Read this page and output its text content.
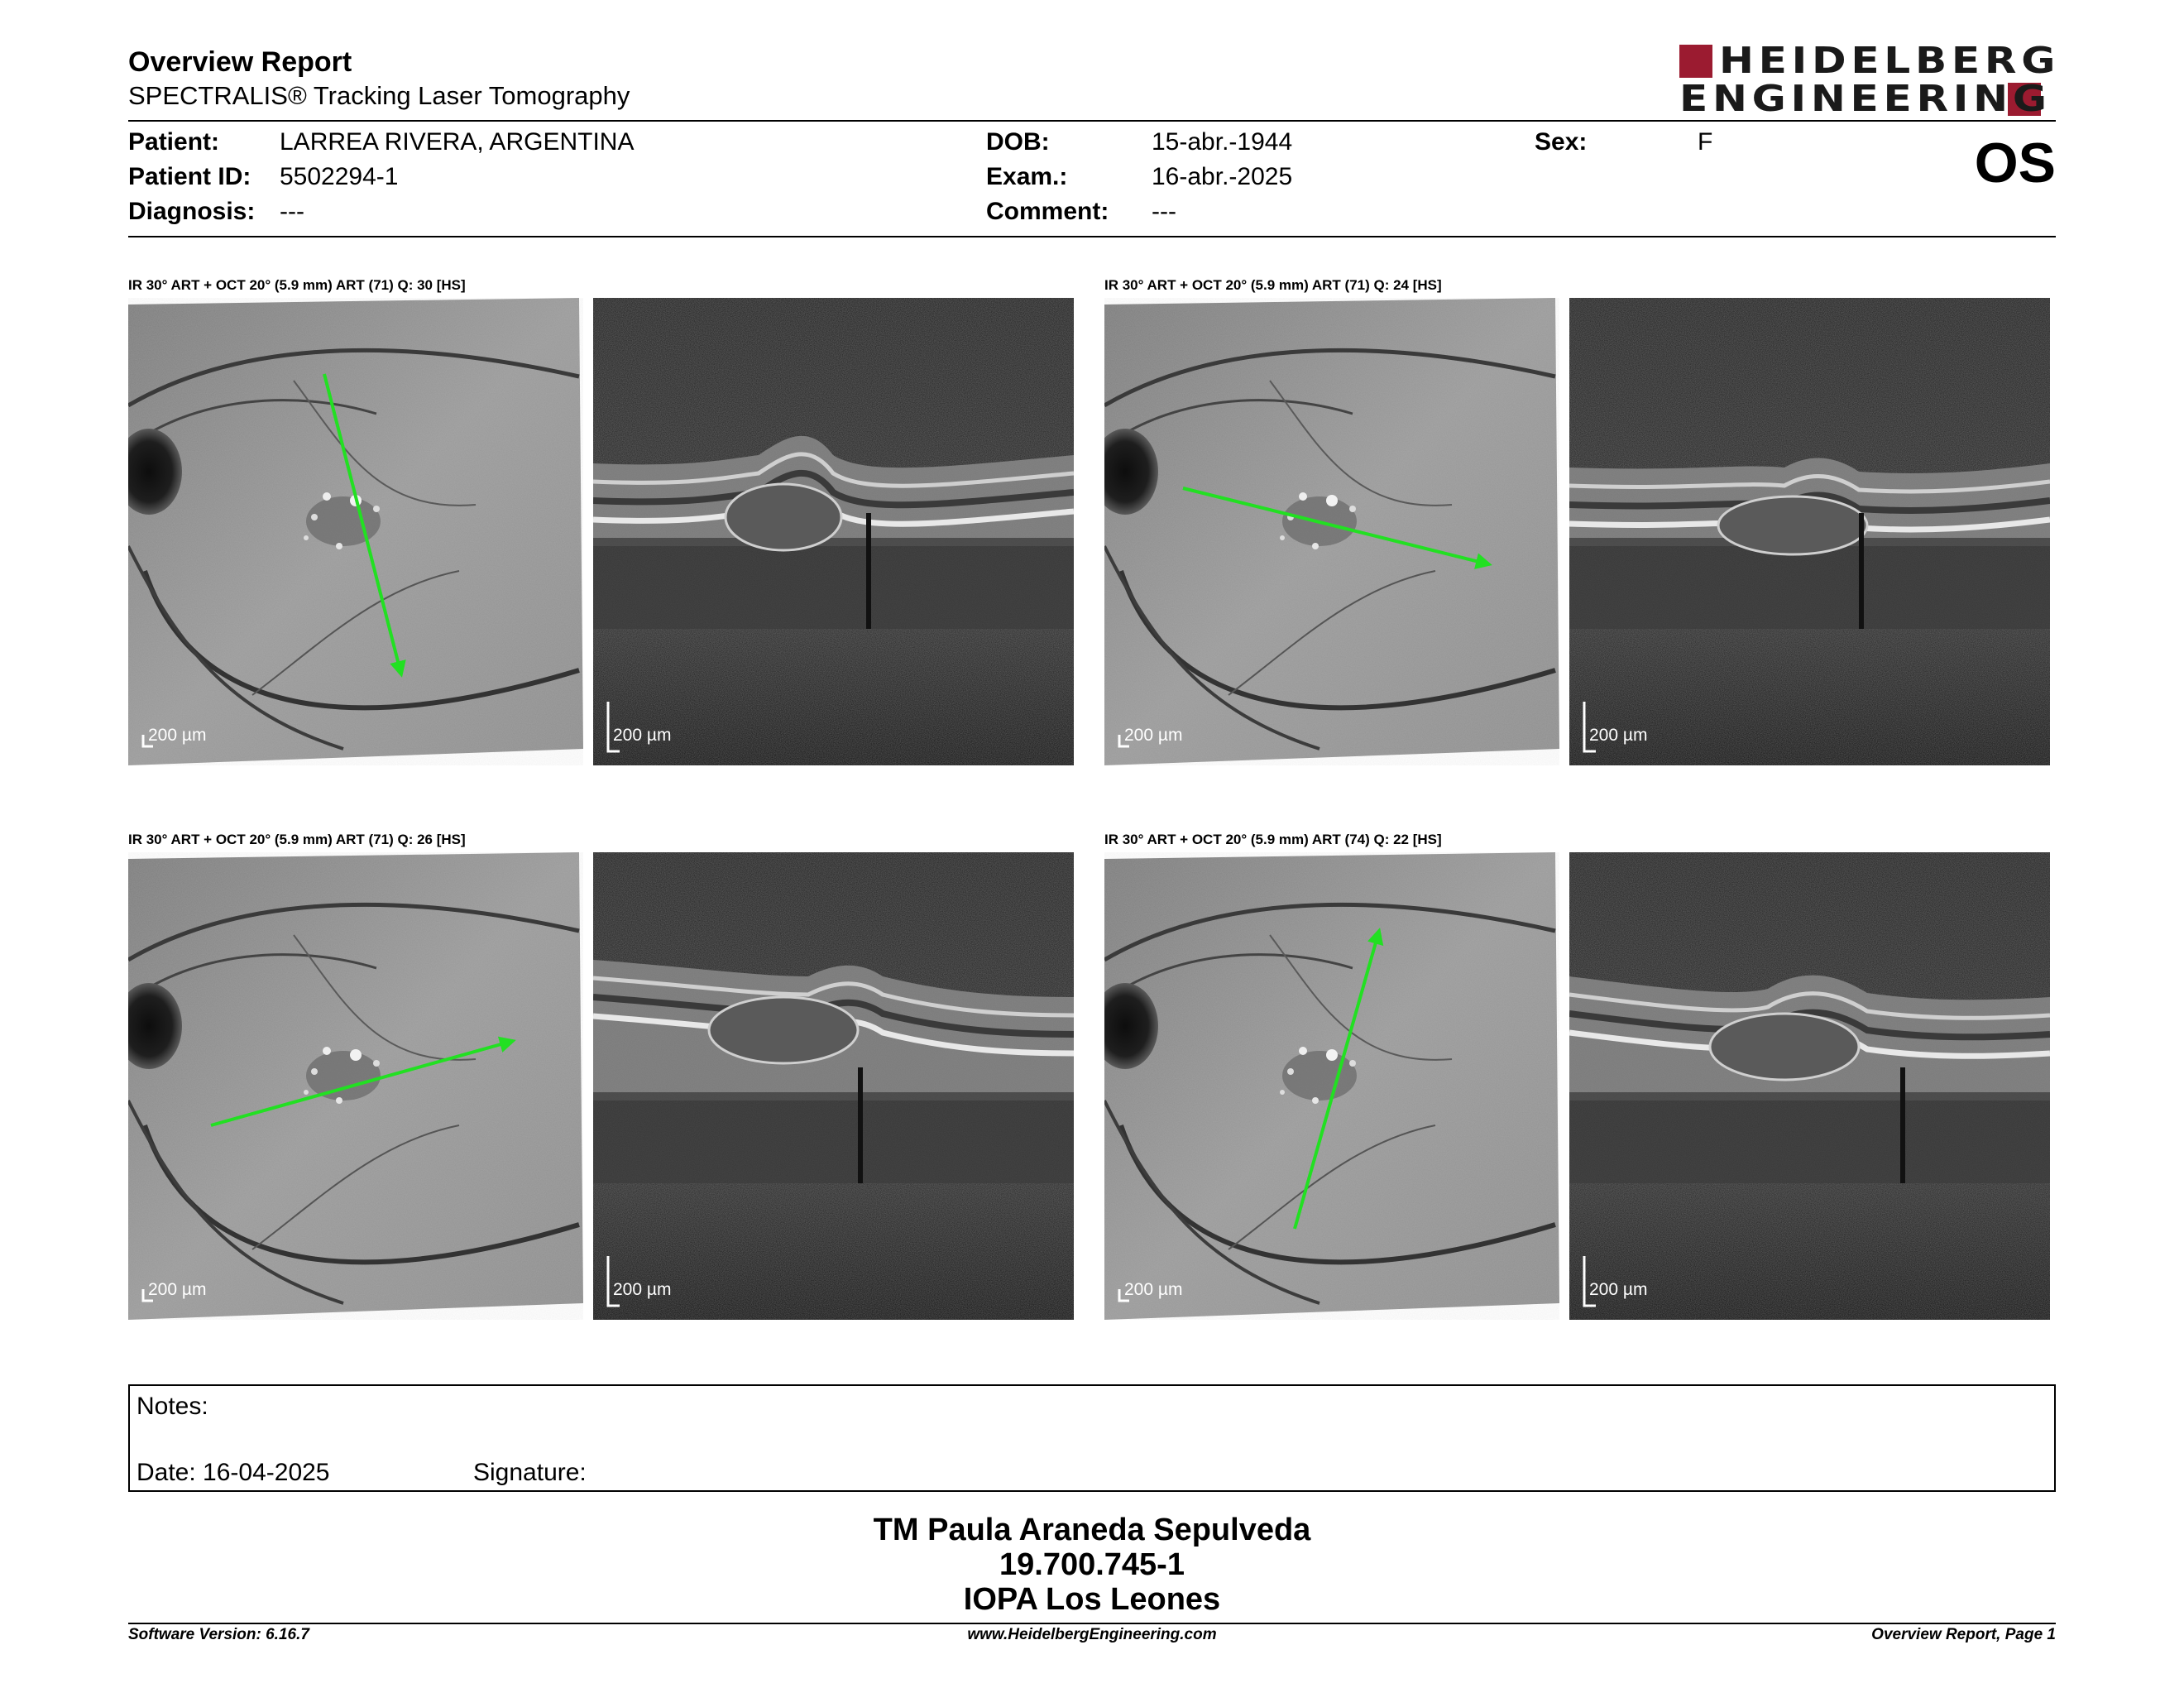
Overview Report
SPECTRALIS® Tracking Laser Tomography
HEIDELBERG
ENGINEERING
Patient: LARREA RIVERA, ARGENTINA
Patient ID: 5502294-1
Diagnosis: ---
DOB:	15-abr.-1944
Exam.:	16-abr.-2025
Comment: ---
Sex:	F	OS
IR 30° ART + OCT 20° (5.9 mm) ART (71) Q: 30 [HS]
200 µm	200 µm
IR 30° ART + OCT 20° (5.9 mm) ART (71) Q: 24 [HS]
200 µm	200 µm
IR 30° ART + OCT 20° (5.9 mm) ART (71) Q: 26 [HS]
200 µm	200 µm
IR 30° ART + OCT 20° (5.9 mm) ART (74) Q: 22 [HS]
200 µm	200 µm
Notes:
Date: 16-04-2025	Signature:
TM Paula Araneda Sepulveda
19.700.745-1
IOPA Los Leones
Software Version: 6.16.7	www.HeidelbergEngineering.com	Overview Report, Page 1
